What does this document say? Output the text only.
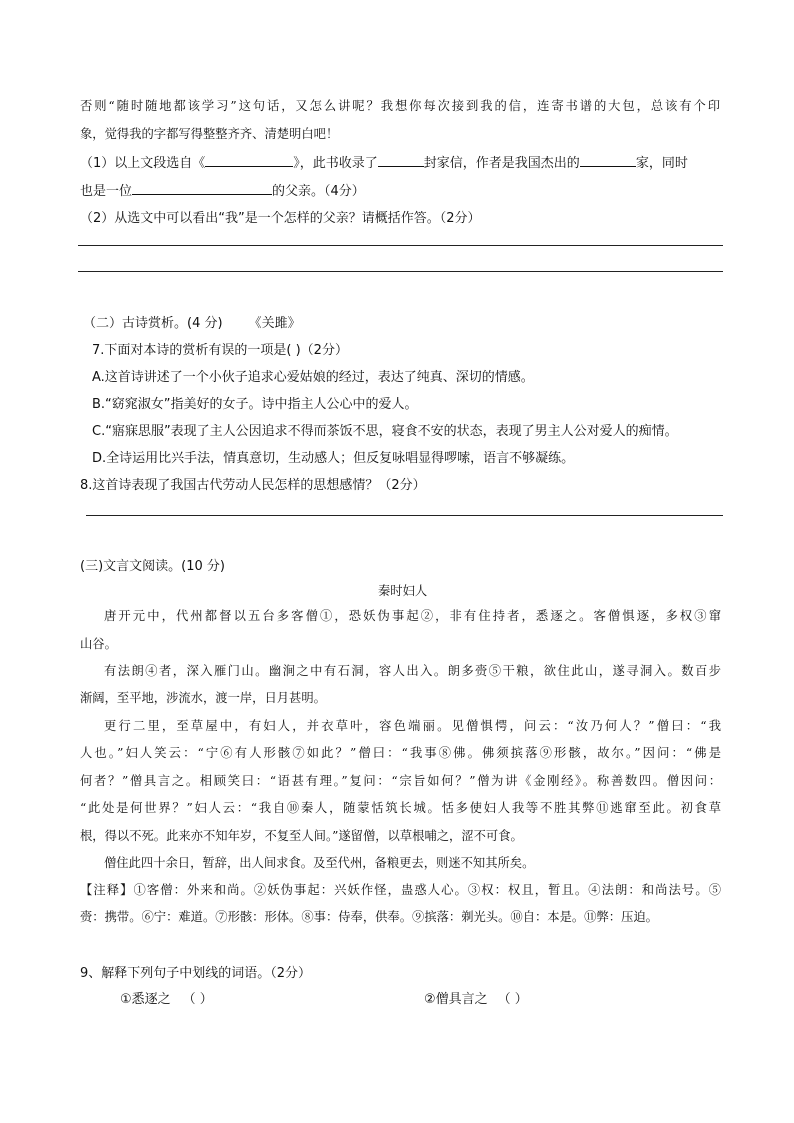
否则“随时随地都该学习”这句话，又怎么讲呢？我想你每次接到我的信，连寄书谱的大包，总该有个印
象，觉得我的字都写得整整齐齐、清楚明白吧！
（1）以上文段选自《	》，此书收录了	封家信，作者是我国杰出的	家，同时
也是一位	的父亲。（4分）
（2）从选文中可以看出“我”是一个怎样的父亲？请概括作答。（2分）
（二）古诗赏析。(4 分) 《关雎》
7.下面对本诗的赏析有误的一项是( )（2分）
A.这首诗讲述了一个小伙子追求心爱姑娘的经过，表达了纯真、深切的情感。
B.“窈窕淑女”指美好的女子。诗中指主人公心中的爱人。
C.“寤寐思服”表现了主人公因追求不得而茶饭不思，寝食不安的状态，表现了男主人公对爱人的痴情。
D.全诗运用比兴手法，情真意切，生动感人；但反复咏唱显得啰嗦，语言不够凝练。
8.这首诗表现了我国古代劳动人民怎样的思想感情？（2分）
(三)文言文阅读。(10 分)
秦时妇人
唐开元中，代州都督以五台多客僧①，恐妖伪事起②，非有住持者，悉逐之。客僧惧逐，多权③窜
山谷。
有法朗④者，深入雁门山。幽涧之中有石洞，容人出入。朗多赍⑤干粮，欲住此山，遂寻洞入。数百步
渐阔，至平地，涉流水，渡一岸，日月甚明。
更行二里，至草屋中，有妇人，并衣草叶，容色端丽。见僧惧愕，问云：“汝乃何人？”僧曰：“我
人也。”妇人笑云：“宁⑥有人形骸⑦如此？”僧曰：“我事⑧佛。佛须摈落⑨形骸，故尔。”因问：“佛是
何者？”僧具言之。相顾笑曰：“语甚有理。”复问：“宗旨如何？”僧为讲《金刚经》。称善数四。僧因问：
“此处是何世界？”妇人云：“我自⑩秦人，随蒙恬筑长城。恬多使妇人我等不胜其弊⑪逃窜至此。初食草
根，得以不死。此来亦不知年岁，不复至人间。”遂留僧，以草根哺之，涩不可食。
僧住此四十余日，暂辞，出人间求食。及至代州，备粮更去，则迷不知其所矣。
【注释】①客僧：外来和尚。②妖伪事起：兴妖作怪，蛊惑人心。③权：权且，暂且。④法朗：和尚法号。⑤
赍：携带。⑥宁：难道。⑦形骸：形体。⑧事：侍奉，供奉。⑨摈落：剃光头。⑩自：本是。⑪弊：压迫。
9、解释下列句子中划线的词语。（2分）
①悉逐之 （ ）	②僧具言之 （ ）
